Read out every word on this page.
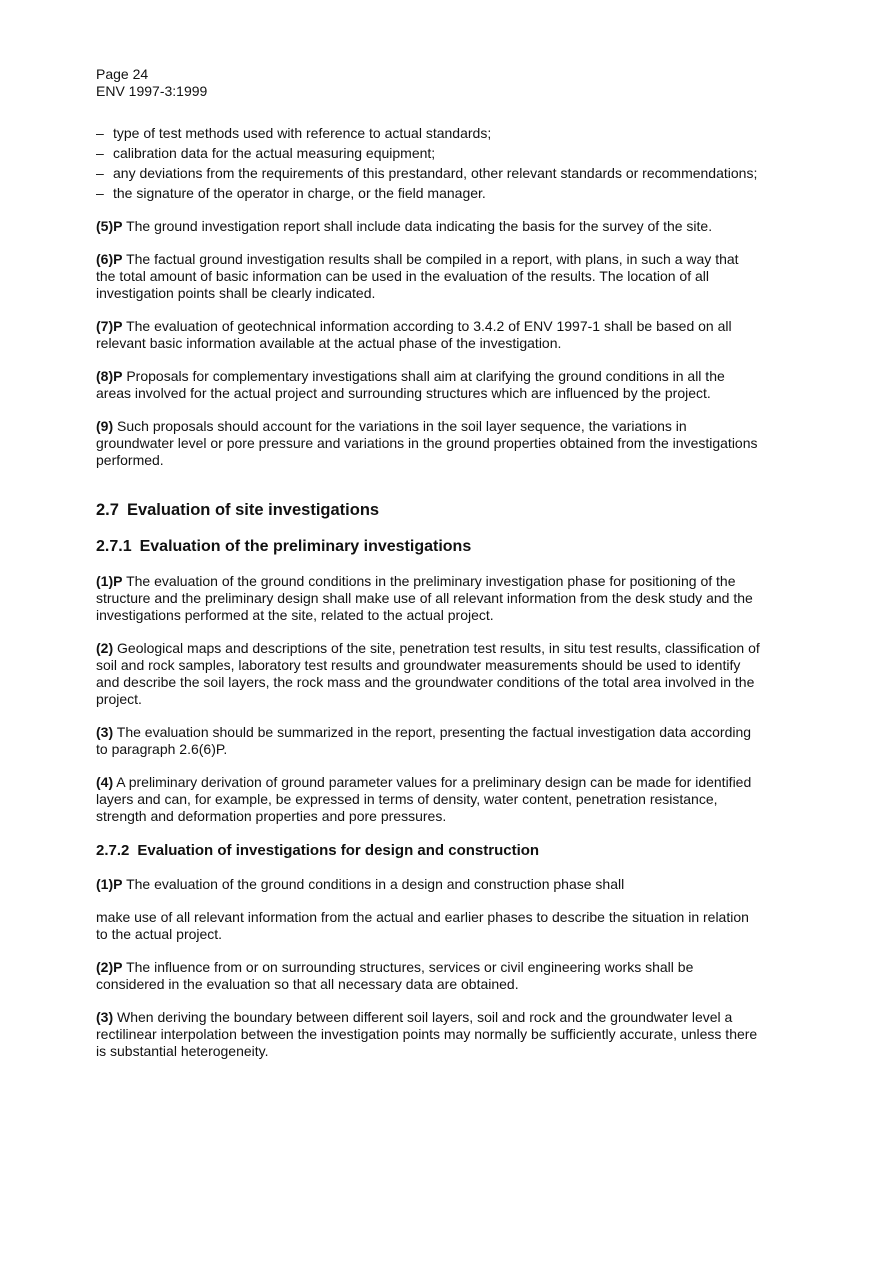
Page 24
ENV 1997-3:1999
– type of test methods used with reference to actual standards;
– calibration data for the actual measuring equipment;
– any deviations from the requirements of this prestandard, other relevant standards or recommendations;
– the signature of the operator in charge, or the field manager.

(5)P The ground investigation report shall include data indicating the basis for the survey of the site.

(6)P The factual ground investigation results shall be compiled in a report, with plans, in such a way that the total amount of basic information can be used in the evaluation of the results. The location of all investigation points shall be clearly indicated.

(7)P The evaluation of geotechnical information according to 3.4.2 of ENV 1997-1 shall be based on all relevant basic information available at the actual phase of the investigation.

(8)P Proposals for complementary investigations shall aim at clarifying the ground conditions in all the areas involved for the actual project and surrounding structures which are influenced by the project.

(9) Such proposals should account for the variations in the soil layer sequence, the variations in groundwater level or pore pressure and variations in the ground properties obtained from the investigations performed.

2.7 Evaluation of site investigations
2.7.1 Evaluation of the preliminary investigations

(1)P The evaluation of the ground conditions in the preliminary investigation phase for positioning of the structure and the preliminary design shall make use of all relevant information from the desk study and the investigations performed at the site, related to the actual project.

(2) Geological maps and descriptions of the site, penetration test results, in situ test results, classification of soil and rock samples, laboratory test results and groundwater measurements should be used to identify and describe the soil layers, the rock mass and the groundwater conditions of the total area involved in the project.

(3) The evaluation should be summarized in the report, presenting the factual investigation data according to paragraph 2.6(6)P.

(4) A preliminary derivation of ground parameter values for a preliminary design can be made for identified layers and can, for example, be expressed in terms of density, water content, penetration resistance, strength and deformation properties and pore pressures.

2.7.2 Evaluation of investigations for design and construction

(1)P The evaluation of the ground conditions in a design and construction phase shall

make use of all relevant information from the actual and earlier phases to describe the situation in relation to the actual project.

(2)P The influence from or on surrounding structures, services or civil engineering works shall be considered in the evaluation so that all necessary data are obtained.

(3) When deriving the boundary between different soil layers, soil and rock and the groundwater level a rectilinear interpolation between the investigation points may normally be sufficiently accurate, unless there is substantial heterogeneity.
